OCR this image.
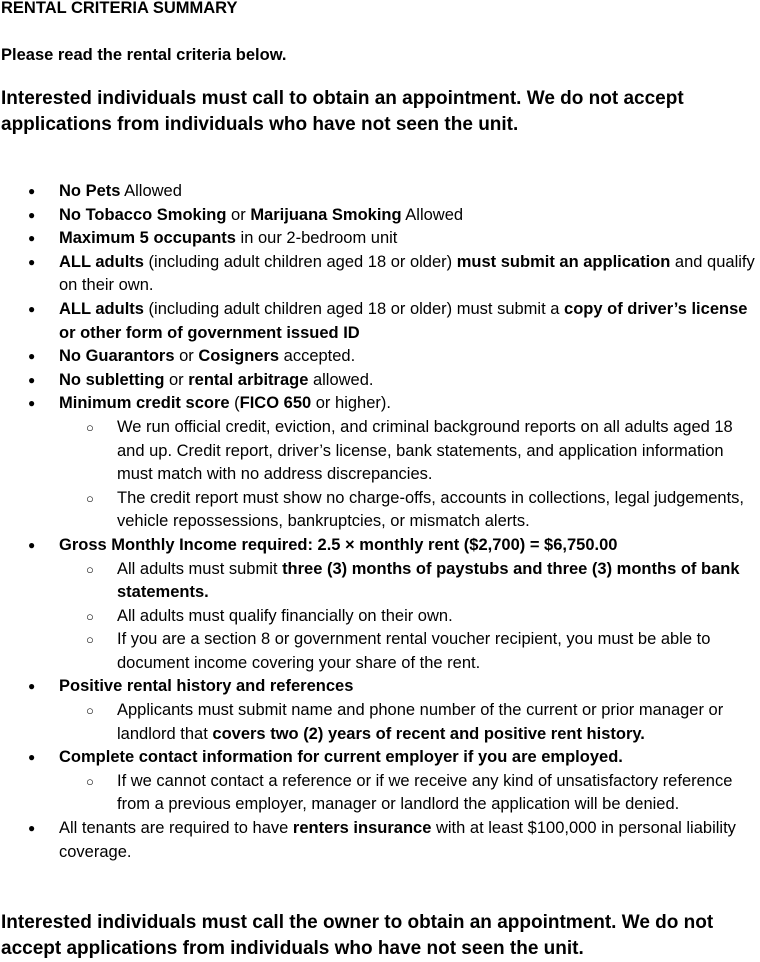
RENTAL CRITERIA SUMMARY

Please read the rental criteria below.

Interested individuals must call to obtain an appointment. We do not accept applications from individuals who have not seen the unit.

● No Pets Allowed
● No Tobacco Smoking or Marijuana Smoking Allowed
● Maximum 5 occupants in our 2-bedroom unit
● ALL adults (including adult children aged 18 or older) must submit an application and qualify on their own.
● ALL adults (including adult children aged 18 or older) must submit a copy of driver’s license or other form of government issued ID
● No Guarantors or Cosigners accepted.
● No subletting or rental arbitrage allowed.
● Minimum credit score (FICO 650 or higher).
○ We run official credit, eviction, and criminal background reports on all adults aged 18 and up. Credit report, driver’s license, bank statements, and application information must match with no address discrepancies.
○ The credit report must show no charge-offs, accounts in collections, legal judgements, vehicle repossessions, bankruptcies, or mismatch alerts.
● Gross Monthly Income required: 2.5 × monthly rent ($2,700) = $6,750.00
○ All adults must submit three (3) months of paystubs and three (3) months of bank statements.
○ All adults must qualify financially on their own.
○ If you are a section 8 or government rental voucher recipient, you must be able to document income covering your share of the rent.
● Positive rental history and references
○ Applicants must submit name and phone number of the current or prior manager or landlord that covers two (2) years of recent and positive rent history.
● Complete contact information for current employer if you are employed.
○ If we cannot contact a reference or if we receive any kind of unsatisfactory reference from a previous employer, manager or landlord the application will be denied.
● All tenants are required to have renters insurance with at least $100,000 in personal liability coverage.

Interested individuals must call the owner to obtain an appointment. We do not accept applications from individuals who have not seen the unit.
